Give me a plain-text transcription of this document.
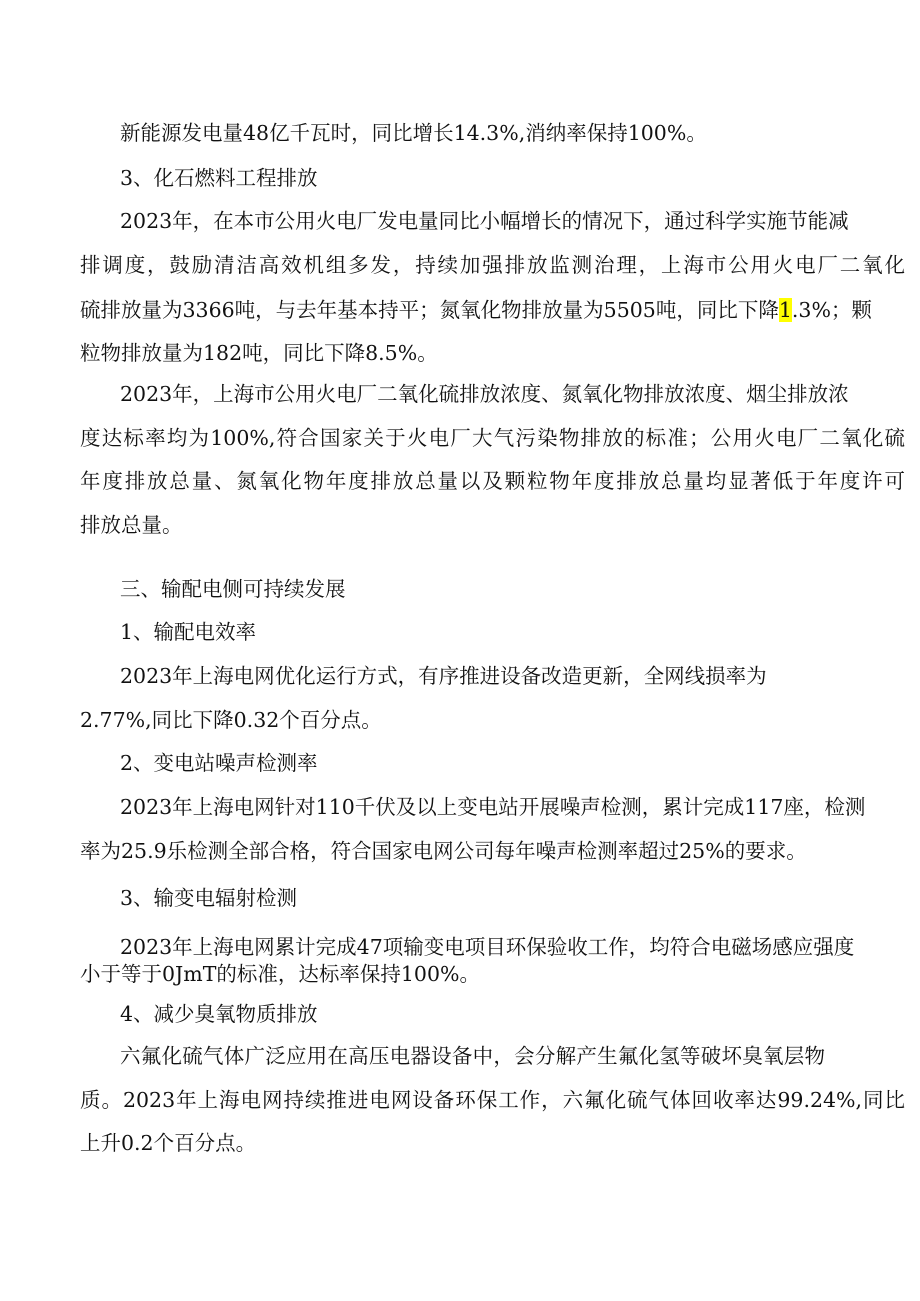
新能源发电量48亿千瓦时，同比增长14.3%,消纳率保持100%。
3、化石燃料工程排放
2023年，在本市公用火电厂发电量同比小幅增长的情况下，通过科学实施节能减
排调度，鼓励清洁高效机组多发，持续加强排放监测治理，上海市公用火电厂二氧化
硫排放量为3366吨，与去年基本持平；氮氧化物排放量为5505吨，同比下降1.3%；颗
粒物排放量为182吨，同比下降8.5%。
2023年，上海市公用火电厂二氧化硫排放浓度、氮氧化物排放浓度、烟尘排放浓
度达标率均为100%,符合国家关于火电厂大气污染物排放的标准；公用火电厂二氧化硫
年度排放总量、氮氧化物年度排放总量以及颗粒物年度排放总量均显著低于年度许可
排放总量。
三、输配电侧可持续发展
1、输配电效率
2023年上海电网优化运行方式，有序推进设备改造更新，全网线损率为
2.77%,同比下降0.32个百分点。
2、变电站噪声检测率
2023年上海电网针对110千伏及以上变电站开展噪声检测，累计完成117座，检测
率为25.9乐检测全部合格，符合国家电网公司每年噪声检测率超过25%的要求。
3、输变电辐射检测
2023年上海电网累计完成47项输变电项目环保验收工作，均符合电磁场感应强度
小于等于0JmT的标准，达标率保持100%。
4、减少臭氧物质排放
六氟化硫气体广泛应用在高压电器设备中，会分解产生氟化氢等破坏臭氧层物
质。2023年上海电网持续推进电网设备环保工作，六氟化硫气体回收率达99.24%,同比
上升0.2个百分点。
